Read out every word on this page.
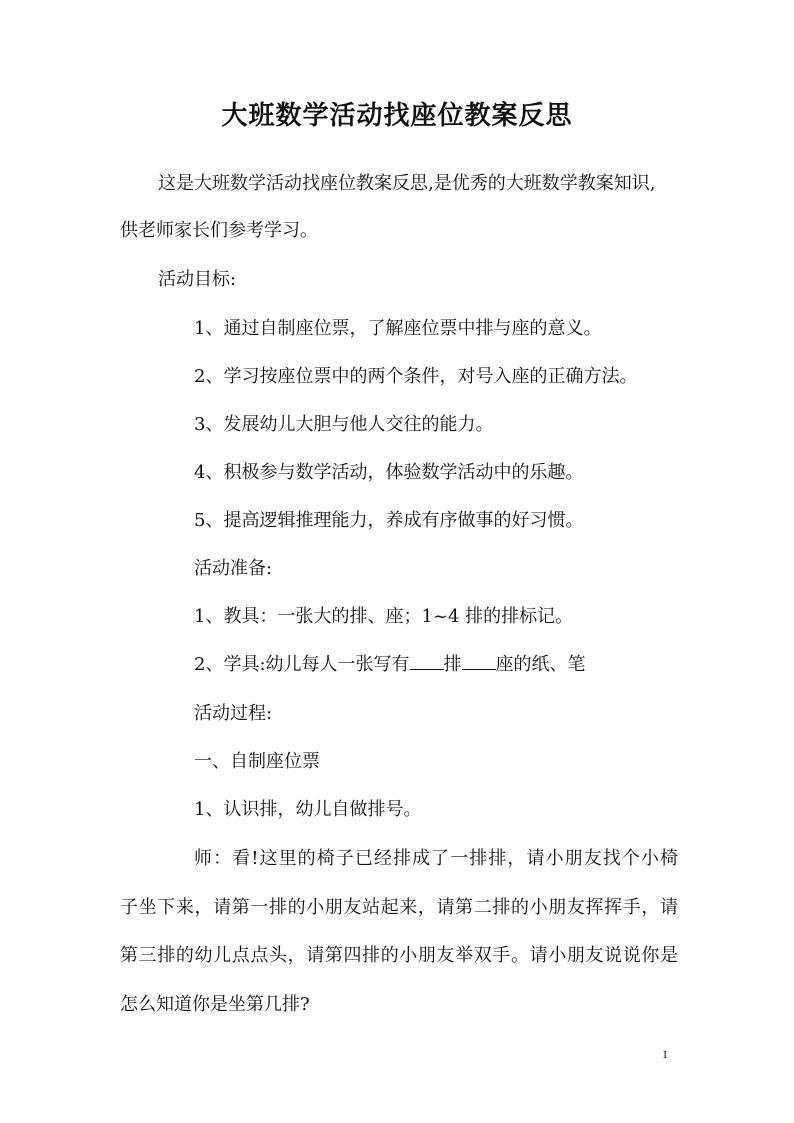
大班数学活动找座位教案反思
这是大班数学活动找座位教案反思,是优秀的大班数学教案知识,
供老师家长们参考学习。
活动目标:
1、通过自制座位票，了解座位票中排与座的意义。
2、学习按座位票中的两个条件，对号入座的正确方法。
3、发展幼儿大胆与他人交往的能力。
4、积极参与数学活动，体验数学活动中的乐趣。
5、提高逻辑推理能力，养成有序做事的好习惯。
活动准备:
1、教具：一张大的排、座；1~4 排的排标记。
2、学具:幼儿每人一张写有 排 座的纸、笔
活动过程:
一、自制座位票
1、认识排，幼儿自做排号。
师：看!这里的椅子已经排成了一排排，请小朋友找个小椅
子坐下来，请第一排的小朋友站起来，请第二排的小朋友挥挥手，请
第三排的幼儿点点头，请第四排的小朋友举双手。请小朋友说说你是
怎么知道你是坐第几排?
1
